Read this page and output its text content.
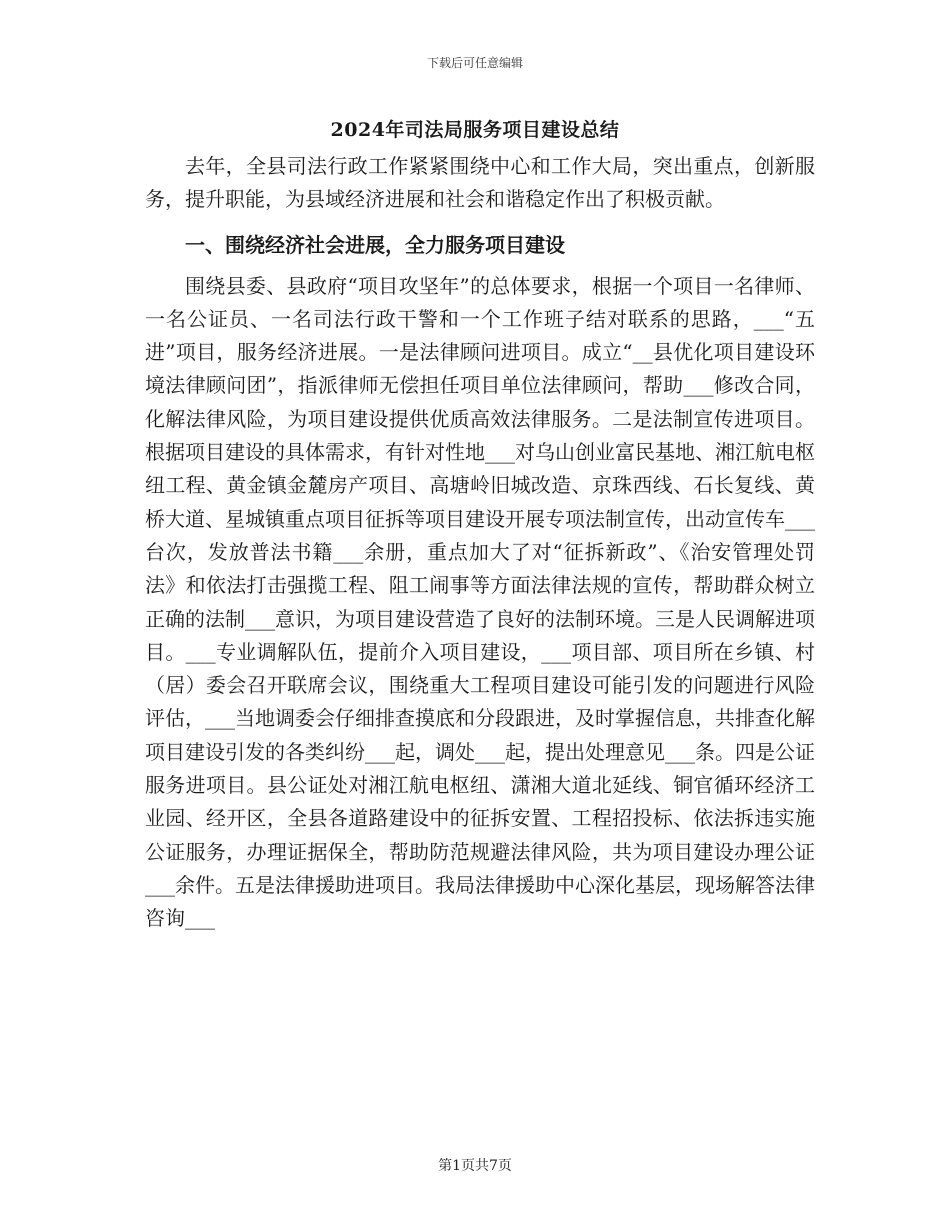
下载后可任意编辑
2024年司法局服务项目建设总结

去年，全县司法行政工作紧紧围绕中心和工作大局，突出重点，创新服务，提升职能，为县域经济进展和社会和谐稳定作出了积极贡献。

一、围绕经济社会进展，全力服务项目建设

围绕县委、县政府“项目攻坚年”的总体要求，根据一个项目一名律师、一名公证员、一名司法行政干警和一个工作班子结对联系的思路，___“五进”项目，服务经济进展。一是法律顾问进项目。成立“__县优化项目建设环境法律顾问团”，指派律师无偿担任项目单位法律顾问，帮助___修改合同，化解法律风险，为项目建设提供优质高效法律服务。二是法制宣传进项目。根据项目建设的具体需求，有针对性地___对乌山创业富民基地、湘江航电枢纽工程、黄金镇金麓房产项目、高塘岭旧城改造、京珠西线、石长复线、黄桥大道、星城镇重点项目征拆等项目建设开展专项法制宣传，出动宣传车___台次，发放普法书籍___余册，重点加大了对“征拆新政”、《治安管理处罚法》和依法打击强揽工程、阻工闹事等方面法律法规的宣传，帮助群众树立正确的法制___意识，为项目建设营造了良好的法制环境。三是人民调解进项目。___专业调解队伍，提前介入项目建设，___项目部、项目所在乡镇、村（居）委会召开联席会议，围绕重大工程项目建设可能引发的问题进行风险评估，___当地调委会仔细排查摸底和分段跟进，及时掌握信息，共排查化解项目建设引发的各类纠纷___起，调处___起，提出处理意见___条。四是公证服务进项目。县公证处对湘江航电枢纽、潇湘大道北延线、铜官循环经济工业园、经开区，全县各道路建设中的征拆安置、工程招投标、依法拆违实施公证服务，办理证据保全，帮助防范规避法律风险，共为项目建设办理公证___余件。五是法律援助进项目。我局法律援助中心深化基层，现场解答法律咨询___

第1页共7页
